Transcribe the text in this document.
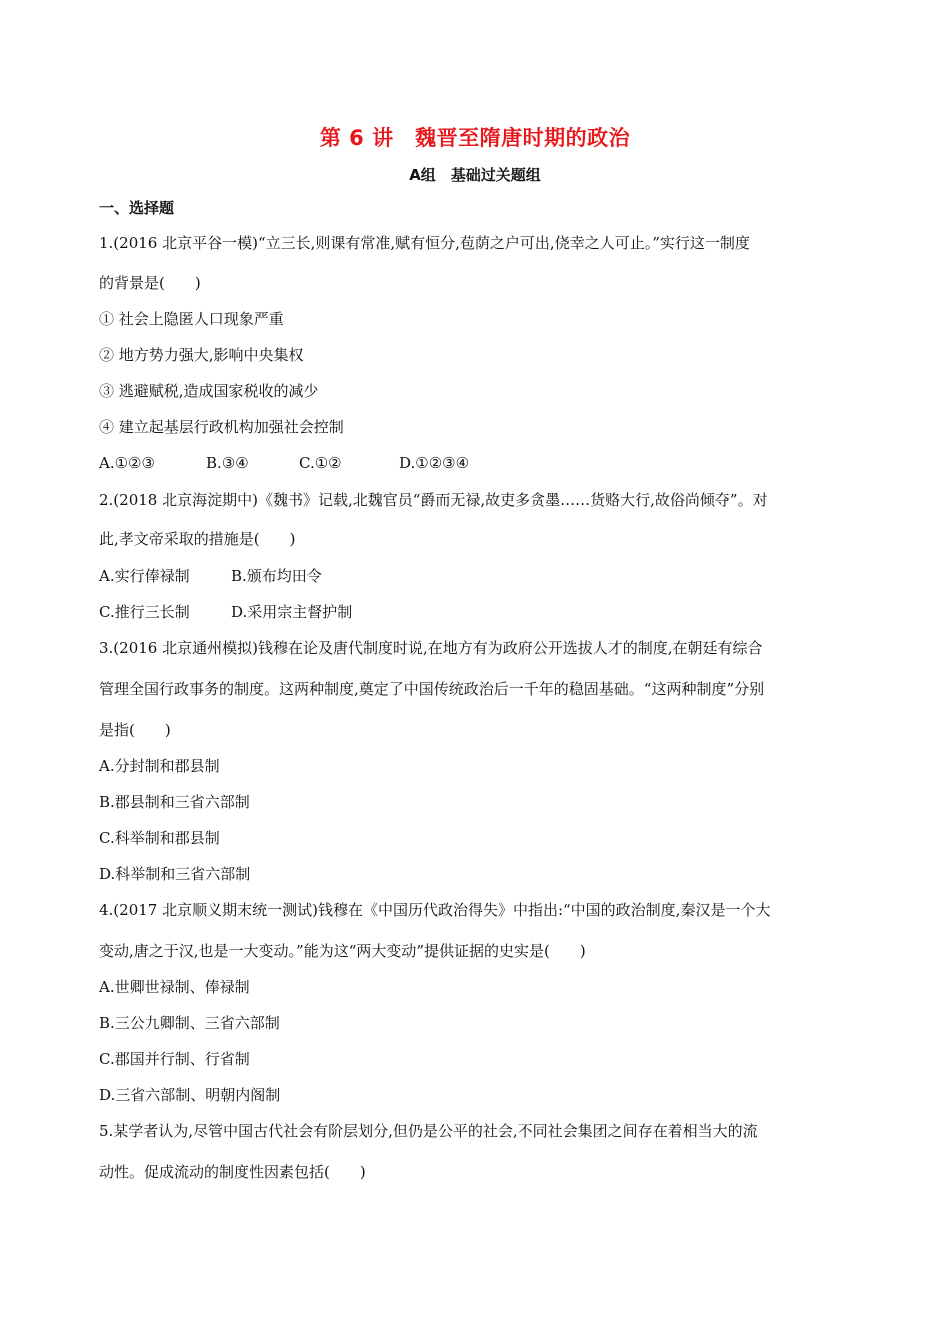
第 6 讲　魏晋至隋唐时期的政治
A组　基础过关题组
一、选择题
1.(2016 北京平谷一模)“立三长,则课有常准,赋有恒分,苞荫之户可出,侥幸之人可止。”实行这一制度
的背景是(　　)
① 社会上隐匿人口现象严重
② 地方势力强大,影响中央集权
③ 逃避赋税,造成国家税收的减少
④ 建立起基层行政机构加强社会控制
A.①②③	B.③④	C.①②	D.①②③④
2.(2018 北京海淀期中)《魏书》记载,北魏官员“爵而无禄,故吏多贪墨……货赂大行,故俗尚倾夺”。对
此,孝文帝采取的措施是(　　)
A.实行俸禄制	B.颁布均田令
C.推行三长制	D.采用宗主督护制
3.(2016 北京通州模拟)钱穆在论及唐代制度时说,在地方有为政府公开选拔人才的制度,在朝廷有综合
管理全国行政事务的制度。这两种制度,奠定了中国传统政治后一千年的稳固基础。“这两种制度”分别
是指(　　)
A.分封制和郡县制
B.郡县制和三省六部制
C.科举制和郡县制
D.科举制和三省六部制
4.(2017 北京顺义期末统一测试)钱穆在《中国历代政治得失》中指出:“中国的政治制度,秦汉是一个大
变动,唐之于汉,也是一大变动。”能为这“两大变动”提供证据的史实是(　　)
A.世卿世禄制、俸禄制
B.三公九卿制、三省六部制
C.郡国并行制、行省制
D.三省六部制、明朝内阁制
5.某学者认为,尽管中国古代社会有阶层划分,但仍是公平的社会,不同社会集团之间存在着相当大的流
动性。促成流动的制度性因素包括(　　)
